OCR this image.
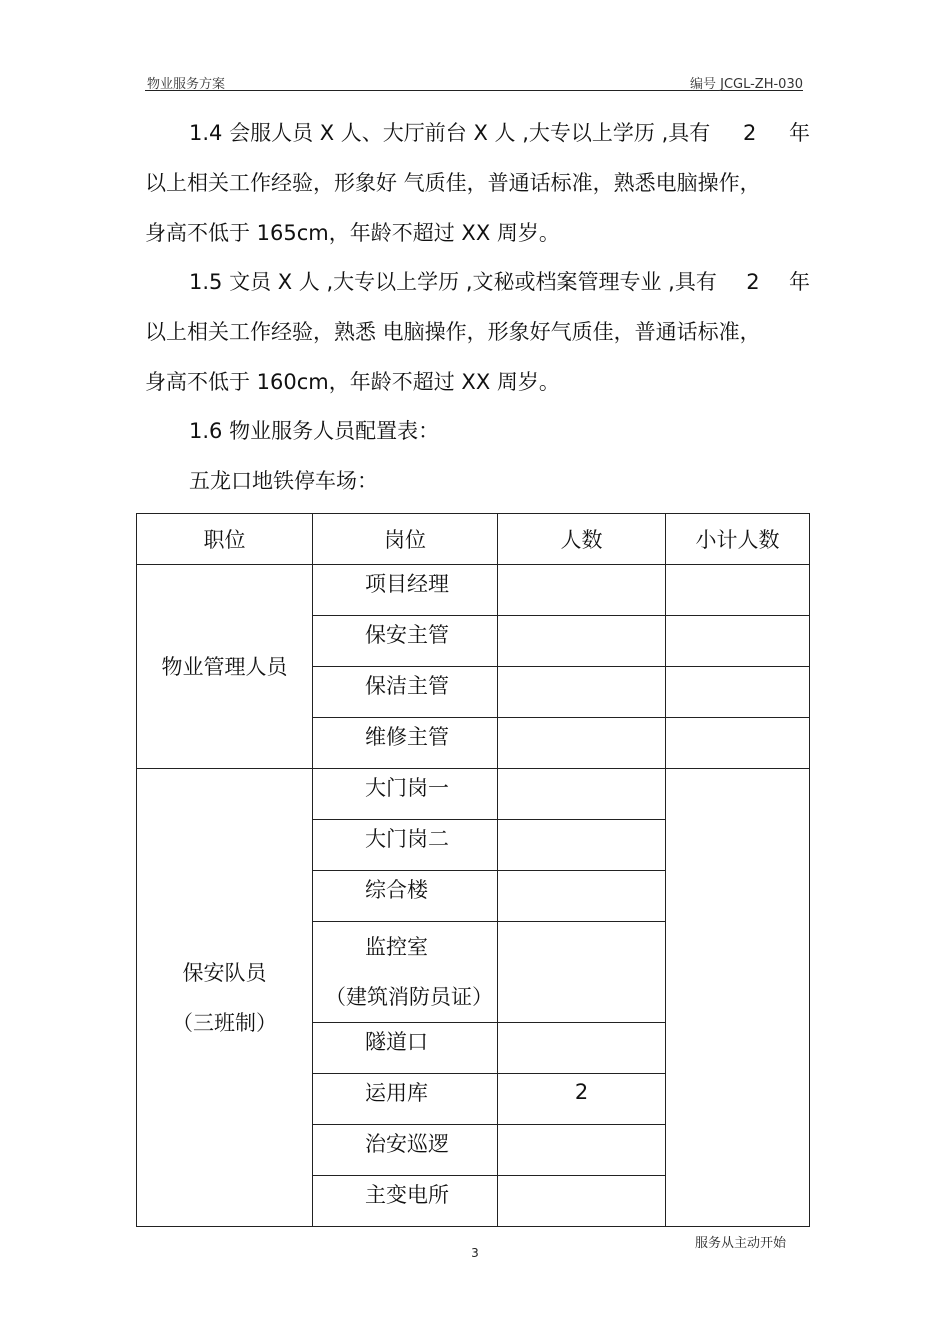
物业服务方案	编号 JCGL-ZH-030
1.4 会服人员 X 人、大厅前台 X 人 ,大专以上学历 ,具有 2 年
以上相关工作经验，形象好 气质佳，普通话标准，熟悉电脑操作，
身高不低于 165cm，年龄不超过 XX 周岁。
1.5 文员 X 人 ,大专以上学历 ,文秘或档案管理专业 ,具有 2 年
以上相关工作经验，熟悉 电脑操作，形象好气质佳，普通话标准，
身高不低于 160cm，年龄不超过 XX 周岁。
1.6 物业服务人员配置表：
五龙口地铁停车场：
职位	岗位	人数	小计人数
物业管理人员	项目经理		
	保安主管		
	保洁主管		
	维修主管		

保安队员
（三班制）	大门岗一		
	大门岗二		
	综合楼		

	监控室
（建筑消防员证）		

	隧道口		
	运用库	2	
	治安巡逻		
	主变电所		
服务从主动开始
3
